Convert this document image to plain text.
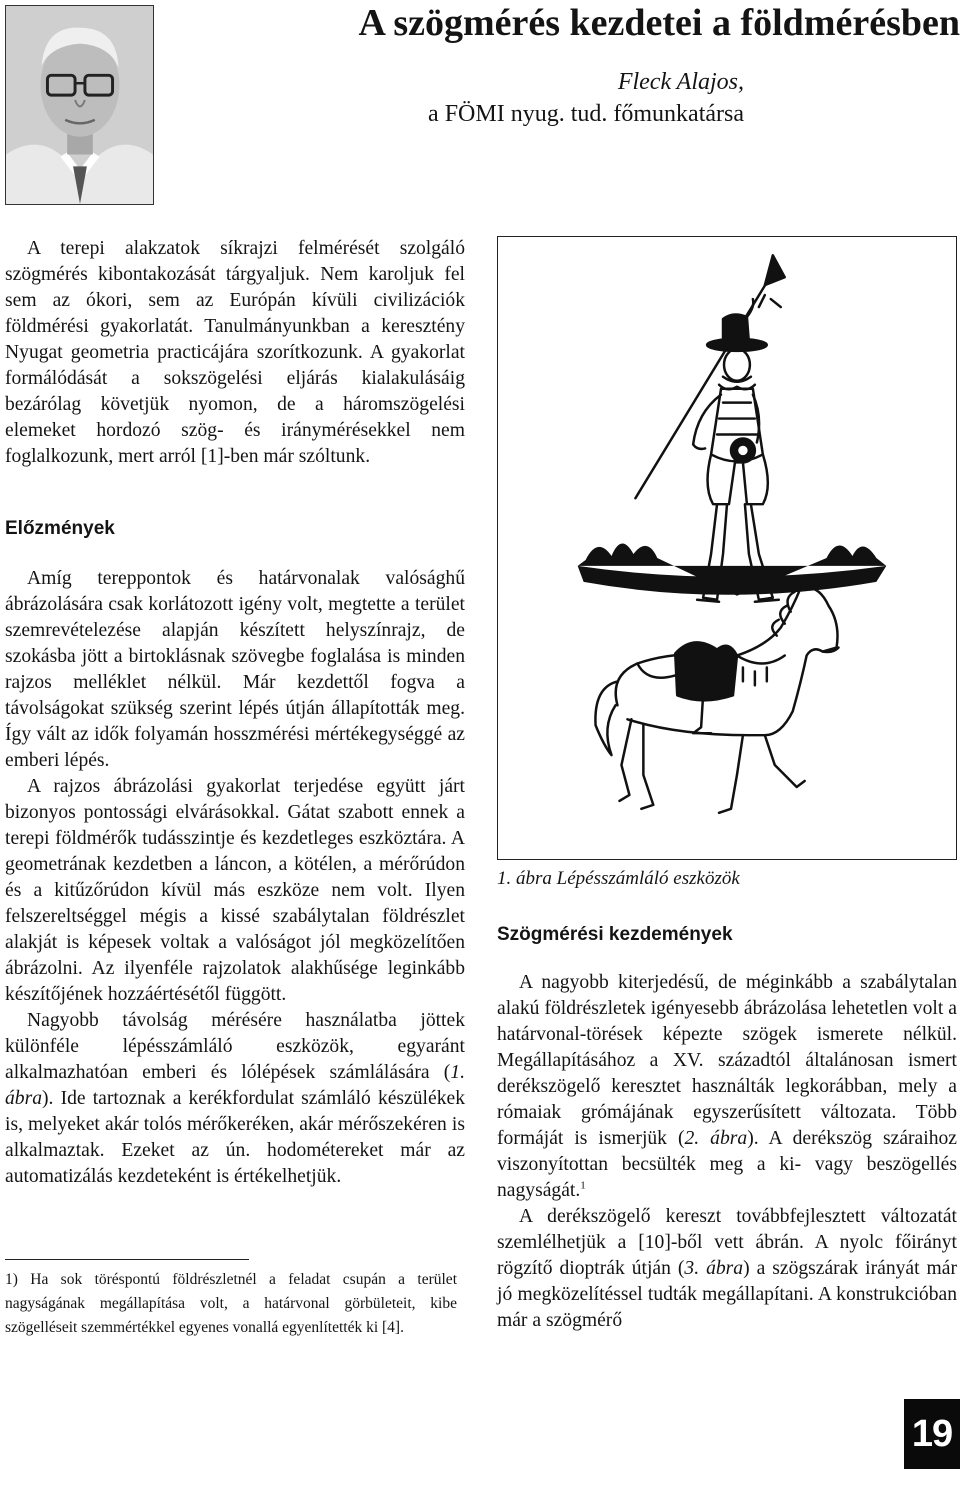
A szögmérés kezdetei a földmérésben
Fleck Alajos,
a FÖMI nyug. tud. főmunkatársa

A terepi alakzatok síkrajzi felmérését szolgáló szögmérés kibontakozását tárgyaljuk. Nem karoljuk fel sem az ókori, sem az Európán kívüli civilizációk földmérési gyakorlatát. Tanulmányunkban a keresztény Nyugat geometria practicájára szorítkozunk. A gyakorlat formálódását a sokszögelési eljárás kialakulásáig bezárólag követjük nyomon, de a háromszögelési elemeket hordozó szög- és iránymérésekkel nem foglalkozunk, mert arról [1]-ben már szóltunk.

Előzmények

Amíg tereppontok és határvonalak valósághű ábrázolására csak korlátozott igény volt, megtette a terület szemrevételezése alapján készített helyszínrajz, de szokásba jött a birtoklásnak szövegbe foglalása is minden rajzos melléklet nélkül. Már kezdettől fogva a távolságokat szükség szerint lépés útján állapították meg. Így vált az idők folyamán hosszmérési mértékegységgé az emberi lépés.

A rajzos ábrázolási gyakorlat terjedése együtt járt bizonyos pontossági elvárásokkal. Gátat szabott ennek a terepi földmérők tudásszintje és kezdetleges eszköztára. A geometrának kezdetben a láncon, a kötélen, a mérőrúdon és a kitűzőrúdon kívül más eszköze nem volt. Ilyen felszereltséggel mégis a kissé szabálytalan földrészlet alakját is képesek voltak a valóságot jól megközelítően ábrázolni. Az ilyenféle rajzolatok alakhűsége leginkább készítőjének hozzáértésétől függött.

Nagyobb távolság mérésére használatba jöttek különféle lépésszámláló eszközök, egyaránt alkalmazhatóan emberi és lólépések számlálására (1. ábra). Ide tartoznak a kerékfordulat számláló készülékek is, melyeket akár tolós mérőkeréken, akár mérőszekéren is alkalmaztak. Ezeket az ún. hodométereket már az automatizálás kezdeteként is értékelhetjük.

1) Ha sok töréspontú földrészletnél a feladat csupán a terület nagyságának megállapítása volt, a határvonal görbületeit, kibe szögelléseit szemmértékkel egyenes vonallá egyenlítették ki [4].
1. ábra Lépésszámláló eszközök
Szögmérési kezdemények

A nagyobb kiterjedésű, de méginkább a szabálytalan alakú földrészletek igényesebb ábrázolása lehetetlen volt a határvonal-törések képezte szögek ismerete nélkül. Megállapításához a XV. századtól általánosan ismert derékszögelő keresztet használták legkorábban, mely a rómaiak grómájának egyszerűsített változata. Több formáját is ismerjük (2. ábra). A derékszög száraihoz viszonyítottan becsülték meg a ki- vagy beszögellés nagyságát.$^1$

A derékszögelő kereszt továbbfejlesztett változatát szemlélhetjük a [10]-ből vett ábrán. A nyolc főirányt rögzítő dioptrák útján (3. ábra) a szögszárak irányát már jó megközelítéssel tudták megállapítani. A konstrukcióban már a szögmérő

19
